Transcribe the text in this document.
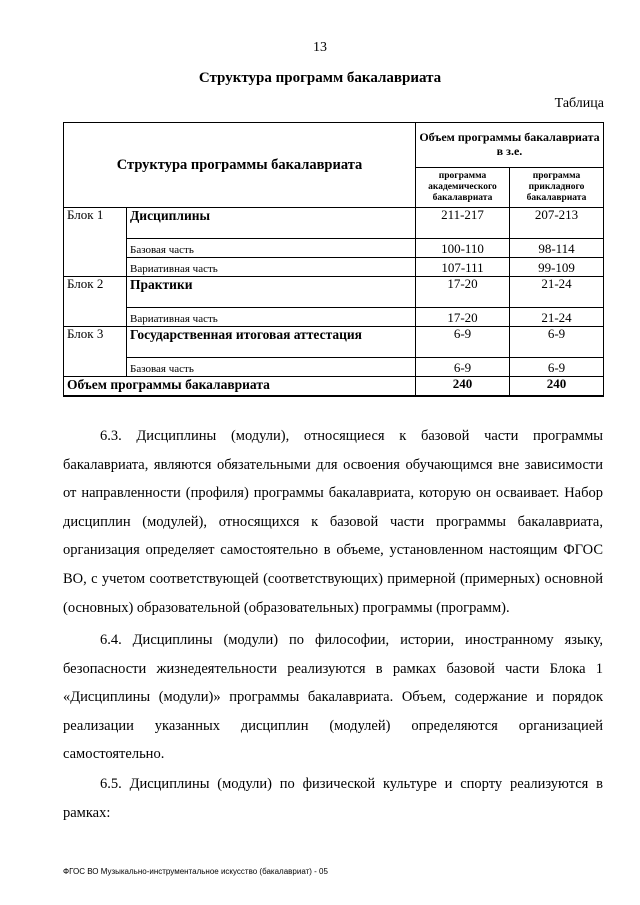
13
Структура программ бакалавриата
Таблица
Структура программы бакалавриата		Объем программы бакалавриата в з.е.	
		программа академического бакалавриата	программа прикладного бакалавриата
Блок 1	Дисциплины	211-217	207-213
	Базовая часть	100-110	98-114
	Вариативная часть	107-111	99-109
Блок 2	Практики	17-20	21-24
	Вариативная часть	17-20	21-24
Блок 3	Государственная итоговая аттестация	6-9	6-9
	Базовая часть	6-9	6-9
Объем программы бакалавриата		240	240

6.3. Дисциплины (модули), относящиеся к базовой части программы бакалавриата, являются обязательными для освоения обучающимся вне зависимости от направленности (профиля) программы бакалавриата, которую он осваивает. Набор дисциплин (модулей), относящихся к базовой части программы бакалавриата, организация определяет самостоятельно в объеме, установленном настоящим ФГОС ВО, с учетом соответствующей (соответствующих) примерной (примерных) основной (основных) образовательной (образовательных) программы (программ).

6.4. Дисциплины (модули) по философии, истории, иностранному языку, безопасности жизнедеятельности реализуются в рамках базовой части Блока 1 «Дисциплины (модули)» программы бакалавриата. Объем, содержание и порядок реализации указанных дисциплин (модулей) определяются организацией самостоятельно.

6.5. Дисциплины (модули) по физической культуре и спорту реализуются в рамках:

ФГОС ВО Музыкально-инструментальное искусство (бакалавриат) - 05
